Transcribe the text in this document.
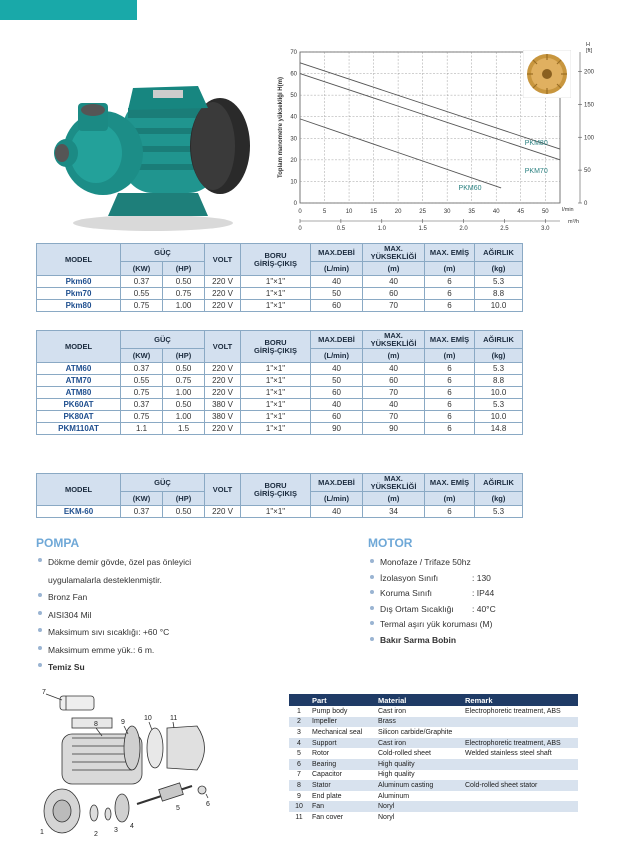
0	5	10	15	20	25	30	35	40	45	50 l/min
70
60
50
40
30
20
10
0
0	0.5	1.0	1.5	2.0	2.5	3.0
m³/h
200
150
100
50
0
H
[ft]
Toplam manometre yüksekliği H(m)	PKM80
PKM70
PKM60
MODEL	GÜÇ		VOLT	BORU
GİRİŞ-ÇIKIŞ	MAX.DEBİ	MAX.
YÜKSEKLİĞİ	MAX. EMİŞ	AĞIRLIK
	(KW)	(HP)			(L/min)	(m)	(m)	(kg)
Pkm60	0.37	0.50	220 V	1"×1"	40	40	6	5.3
Pkm70	0.55	0.75	220 V	1"×1"	50	60	6	8.8
Pkm80	0.75	1.00	220 V	1"×1"	60	70	6	10.0
MODEL	GÜÇ		VOLT	BORU
GİRİŞ-ÇIKIŞ	MAX.DEBİ	MAX.
YÜKSEKLİĞİ	MAX. EMİŞ	AĞIRLIK
	(KW)	(HP)			(L/min)	(m)	(m)	(kg)
ATM60	0.37	0.50	220 V	1"×1"	40	40	6	5.3
ATM70	0.55	0.75	220 V	1"×1"	50	60	6	8.8
ATM80	0.75	1.00	220 V	1"×1"	60	70	6	10.0
PK60AT	0.37	0.50	380 V	1"×1"	40	40	6	5.3
PK80AT	0.75	1.00	380 V	1"×1"	60	70	6	10.0
PKM110AT	1.1	1.5	220 V	1"×1"	90	90	6	14.8
MODEL	GÜÇ		VOLT	BORU
GİRİŞ-ÇIKIŞ	MAX.DEBİ	MAX.
YÜKSEKLİĞİ	MAX. EMİŞ	AĞIRLIK
	(KW)	(HP)			(L/min)	(m)	(m)	(kg)
EKM-60	0.37	0.50	220 V	1"×1"	40	34	6	5.3
POMPA
Dökme demir gövde, özel pas önleyici
uygulamalarla desteklenmiştir.
Bronz Fan
AISI304 Mil
Maksimum sıvı sıcaklığı: +60 °C
Maksimum emme yük.: 6 m.
Temiz Su
MOTOR
Monofaze / Trifaze 50hz
İzolasyon Sınıfı	: 130
Koruma Sınıfı	: IP44
Dış Ortam Sıcaklığı : 40°C
Termal aşırı yük koruması (M)
Bakır Sarma Bobin
7
8	9
10	11
1	2
3
4
5
6
	Part	Material	Remark
1	Pump body	Cast iron	Electrophoretic treatment, ABS
2	Impeller	Brass	
3	Mechanical seal	Silicon carbide/Graphite	
4	Support	Cast iron	Electrophoretic treatment, ABS
5	Rotor	Cold-rolled sheet	Welded stainless steel shaft
6	Bearing	High quality	
7	Capacitor	High quality	
8	Stator	Aluminum casting	Cold-rolled sheet stator
9	End plate	Aluminum	
10	Fan	Noryl	
11	Fan cover	Noryl	
